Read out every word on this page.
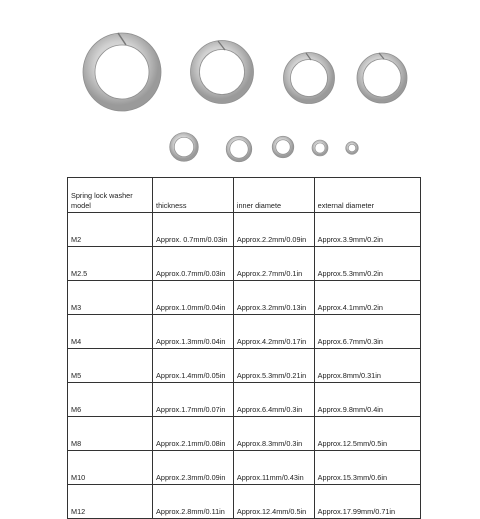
Spring lock washer model	thickness	inner diamete	external diameter
M2	Approx. 0.7mm/0.03in	Approx.2.2mm/0.09in	Approx.3.9mm/0.2in
M2.5	Approx.0.7mm/0.03in	Approx.2.7mm/0.1in	Approx.5.3mm/0.2in
M3	Approx.1.0mm/0.04in	Approx.3.2mm/0.13in	Approx.4.1mm/0.2in
M4	Approx.1.3mm/0.04in	Approx.4.2mm/0.17in	Approx.6.7mm/0.3in
M5	Approx.1.4mm/0.05in	Approx.5.3mm/0.21in	Approx.8mm/0.31in
M6	Approx.1.7mm/0.07in	Approx.6.4mm/0.3in	Approx.9.8mm/0.4in
M8	Approx.2.1mm/0.08in	Approx.8.3mm/0.3in	Approx.12.5mm/0.5in
M10	Approx.2.3mm/0.09in	Approx.11mm/0.43in	Approx.15.3mm/0.6in
M12	Approx.2.8mm/0.11in	Approx.12.4mm/0.5in	Approx.17.99mm/0.71in
